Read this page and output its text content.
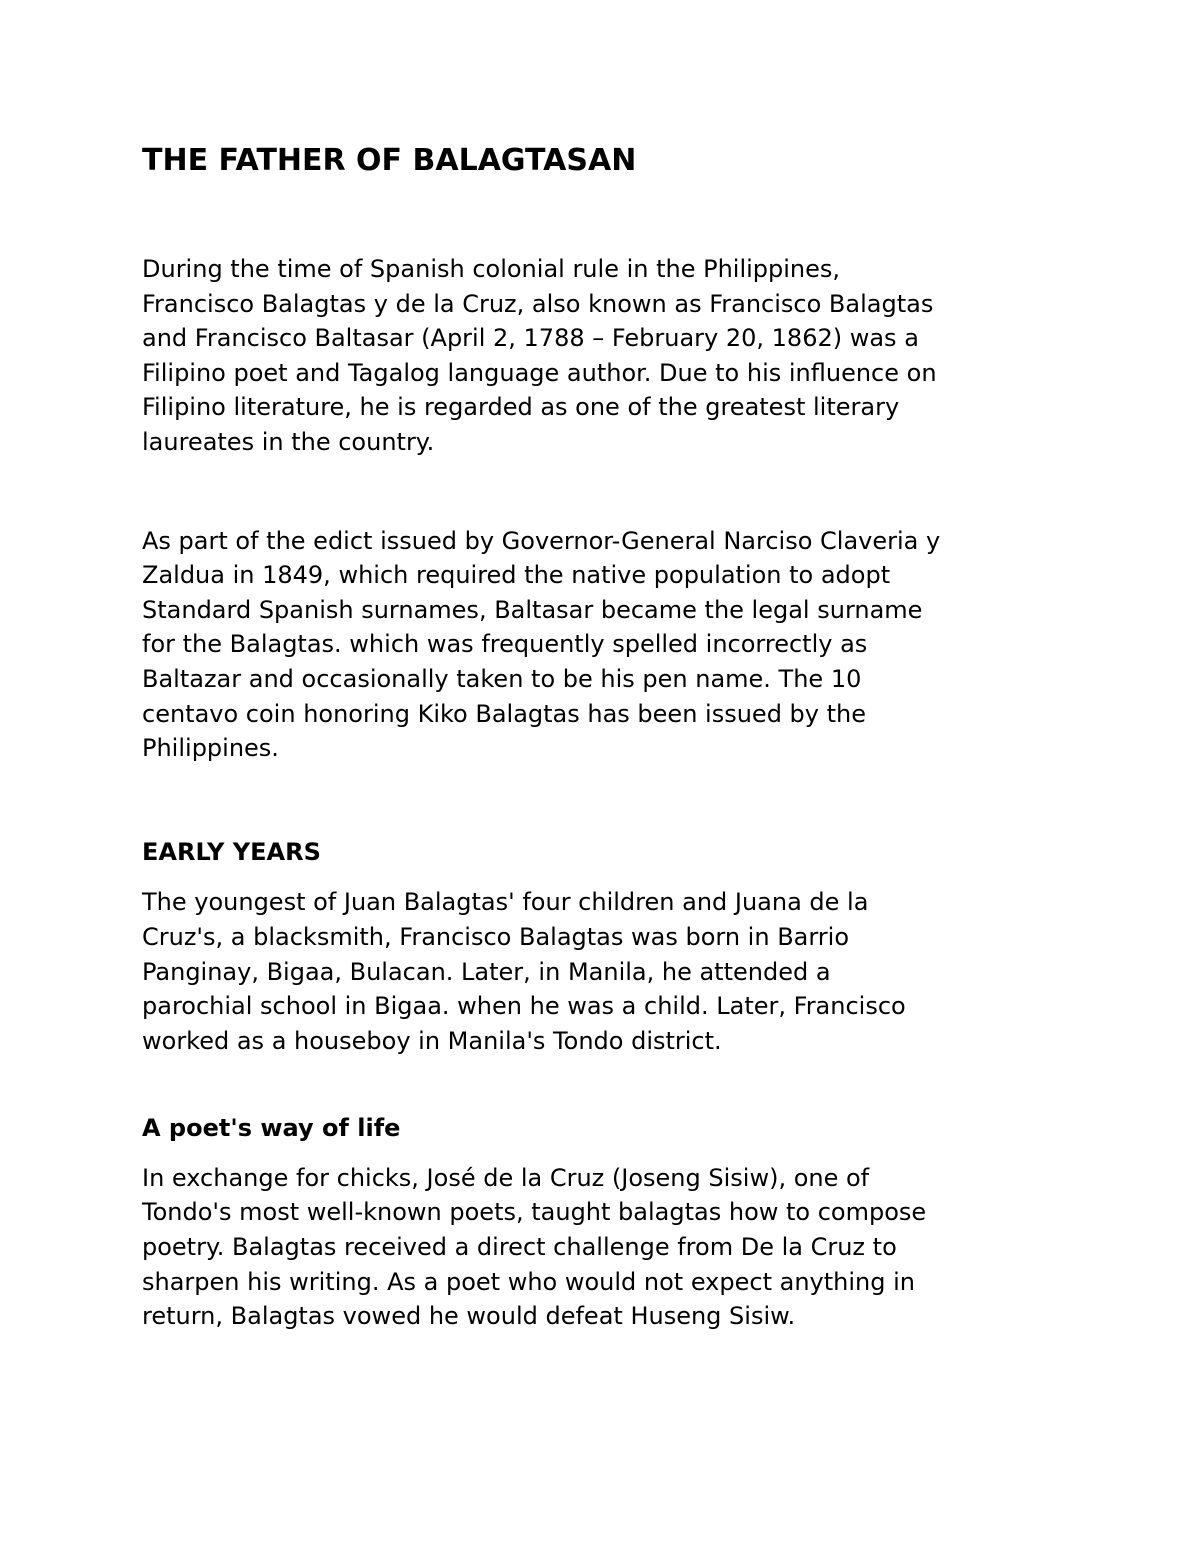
THE FATHER OF BALAGTASAN

During the time of Spanish colonial rule in the Philippines,
Francisco Balagtas y de la Cruz, also known as Francisco Balagtas
and Francisco Baltasar (April 2, 1788 – February 20, 1862) was a
Filipino poet and Tagalog language author. Due to his influence on
Filipino literature, he is regarded as one of the greatest literary
laureates in the country.

As part of the edict issued by Governor-General Narciso Claveria y
Zaldua in 1849, which required the native population to adopt
Standard Spanish surnames, Baltasar became the legal surname
for the Balagtas. which was frequently spelled incorrectly as
Baltazar and occasionally taken to be his pen name. The 10
centavo coin honoring Kiko Balagtas has been issued by the
Philippines.

EARLY YEARS

The youngest of Juan Balagtas' four children and Juana de la
Cruz's, a blacksmith, Francisco Balagtas was born in Barrio
Panginay, Bigaa, Bulacan. Later, in Manila, he attended a
parochial school in Bigaa. when he was a child. Later, Francisco
worked as a houseboy in Manila's Tondo district.

A poet's way of life

In exchange for chicks, José de la Cruz (Joseng Sisiw), one of
Tondo's most well-known poets, taught balagtas how to compose
poetry. Balagtas received a direct challenge from De la Cruz to
sharpen his writing. As a poet who would not expect anything in
return, Balagtas vowed he would defeat Huseng Sisiw.
